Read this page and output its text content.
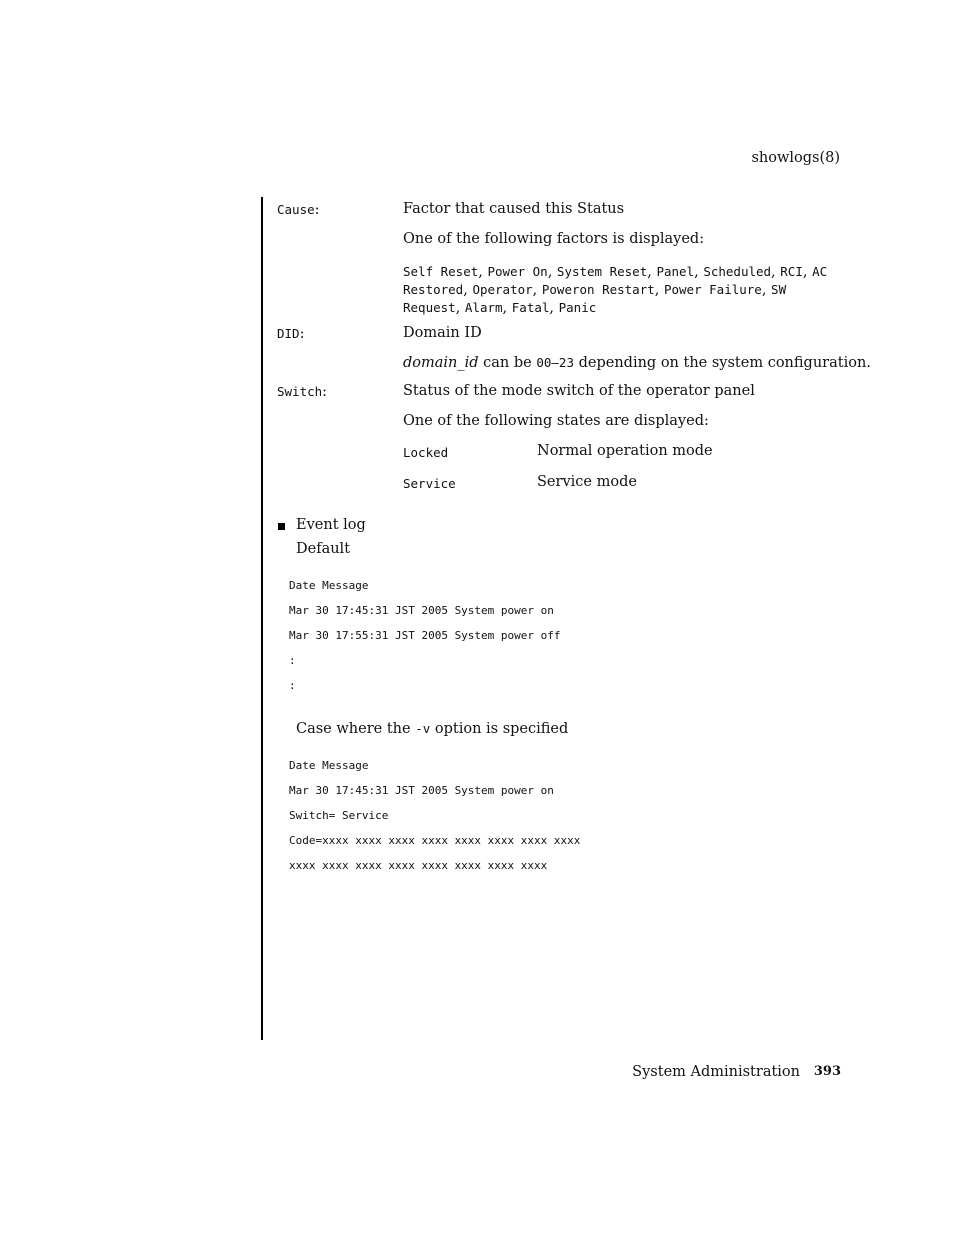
showlogs(8)
Cause:	Factor that caused this Status
One of the following factors is displayed:
Self Reset, Power On, System Reset, Panel, Scheduled, RCI, AC Restored, Operator, Poweron Restart, Power Failure, SW Request, Alarm, Fatal, Panic
DID:	Domain ID
domain_id can be 00–23 depending on the system configuration.
Switch:	Status of the mode switch of the operator panel
One of the following states are displayed:
Locked	Normal operation mode
Service	Service mode
Event log
Default
Date Message
Mar 30 17:45:31 JST 2005 System power on
Mar 30 17:55:31 JST 2005 System power off
:
:
Case where the -v option is specified
Date Message
Mar 30 17:45:31 JST 2005 System power on
Switch= Service
Code=xxxx xxxx xxxx xxxx xxxx xxxx xxxx xxxx
xxxx xxxx xxxx xxxx xxxx xxxx xxxx xxxx
System Administration 393
